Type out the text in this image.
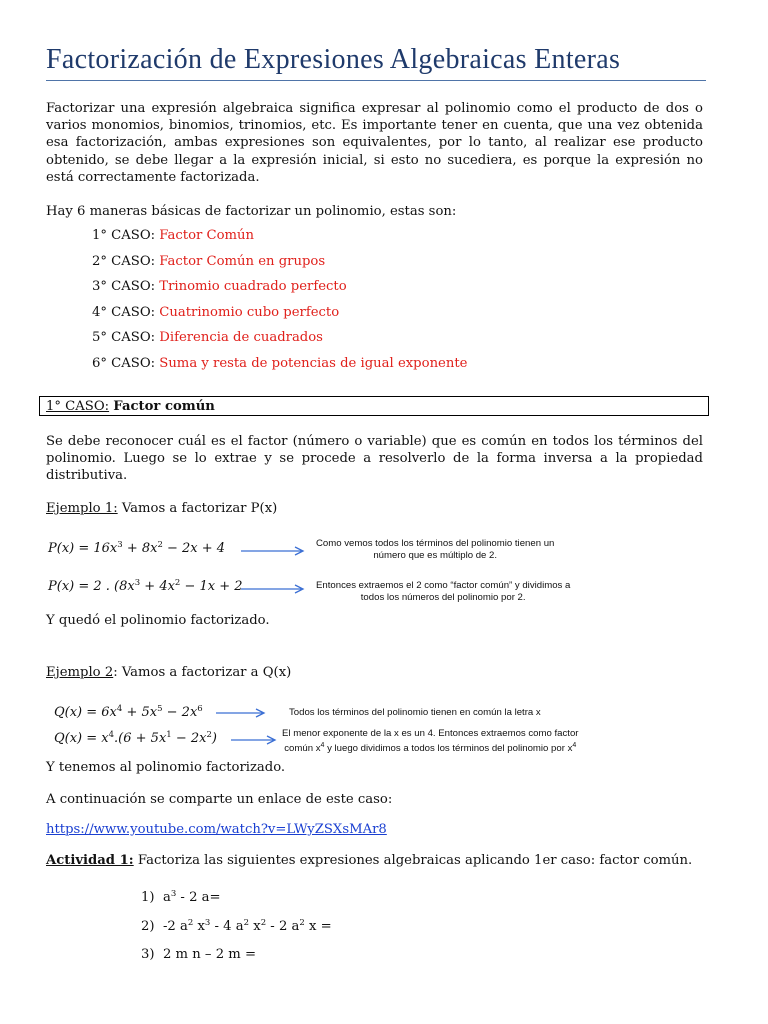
Factorización de Expresiones Algebraicas Enteras
Factorizar una expresión algebraica significa expresar al polinomio como el producto de dos o varios monomios, binomios, trinomios, etc. Es importante tener en cuenta, que una vez obtenida esa factorización, ambas expresiones son equivalentes, por lo tanto, al realizar ese producto obtenido, se debe llegar a la expresión inicial, si esto no sucediera, es porque la expresión no está correctamente factorizada.
Hay 6 maneras básicas de factorizar un polinomio, estas son:
1° CASO: Factor Común
2° CASO: Factor Común en grupos
3° CASO: Trinomio cuadrado perfecto
4° CASO: Cuatrinomio cubo perfecto
5° CASO: Diferencia de cuadrados
6° CASO: Suma y resta de potencias de igual exponente
1° CASO: Factor común
Se debe reconocer cuál es el factor (número o variable) que es común en todos los términos del polinomio. Luego se lo extrae y se procede a resolverlo de la forma inversa a la propiedad distributiva.
Ejemplo 1: Vamos a factorizar P(x)
$P(x) = 16x^3 + 8x^2 - 2x + 4$	Como vemos todos los términos del polinomio tienen un
número que es múltiplo de 2.
P(x) = 2 . ($8x^3 + 4x^2 - 1x + 2$	Entonces extraemos el 2 como “factor común” y dividimos a
todos los números del polinomio por 2.
Y quedó el polinomio factorizado.
Ejemplo 2: Vamos a factorizar a Q(x)
$Q(x) = 6x^4 + 5x^5 - 2x^6$	Todos los términos del polinomio tienen en común la letra x
$Q(x) = x^4.(6 + 5x^1 - 2x^2)$	El menor exponente de la x es un 4. Entonces extraemos como factor
común $x^4$ y luego dividimos a todos los términos del polinomio por $x^4$
Y tenemos al polinomio factorizado.
A continuación se comparte un enlace de este caso:
https://www.youtube.com/watch?v=LWyZSXsMAr8
Actividad 1: Factoriza las siguientes expresiones algebraicas aplicando 1er caso: factor común.
1) $a^3 - 2$ a=
2) -2 $a^2$ $x^3 - 4$ $a^2$ $x^2 - 2$ $a^2$ x =
3) 2 m n – 2 m =
